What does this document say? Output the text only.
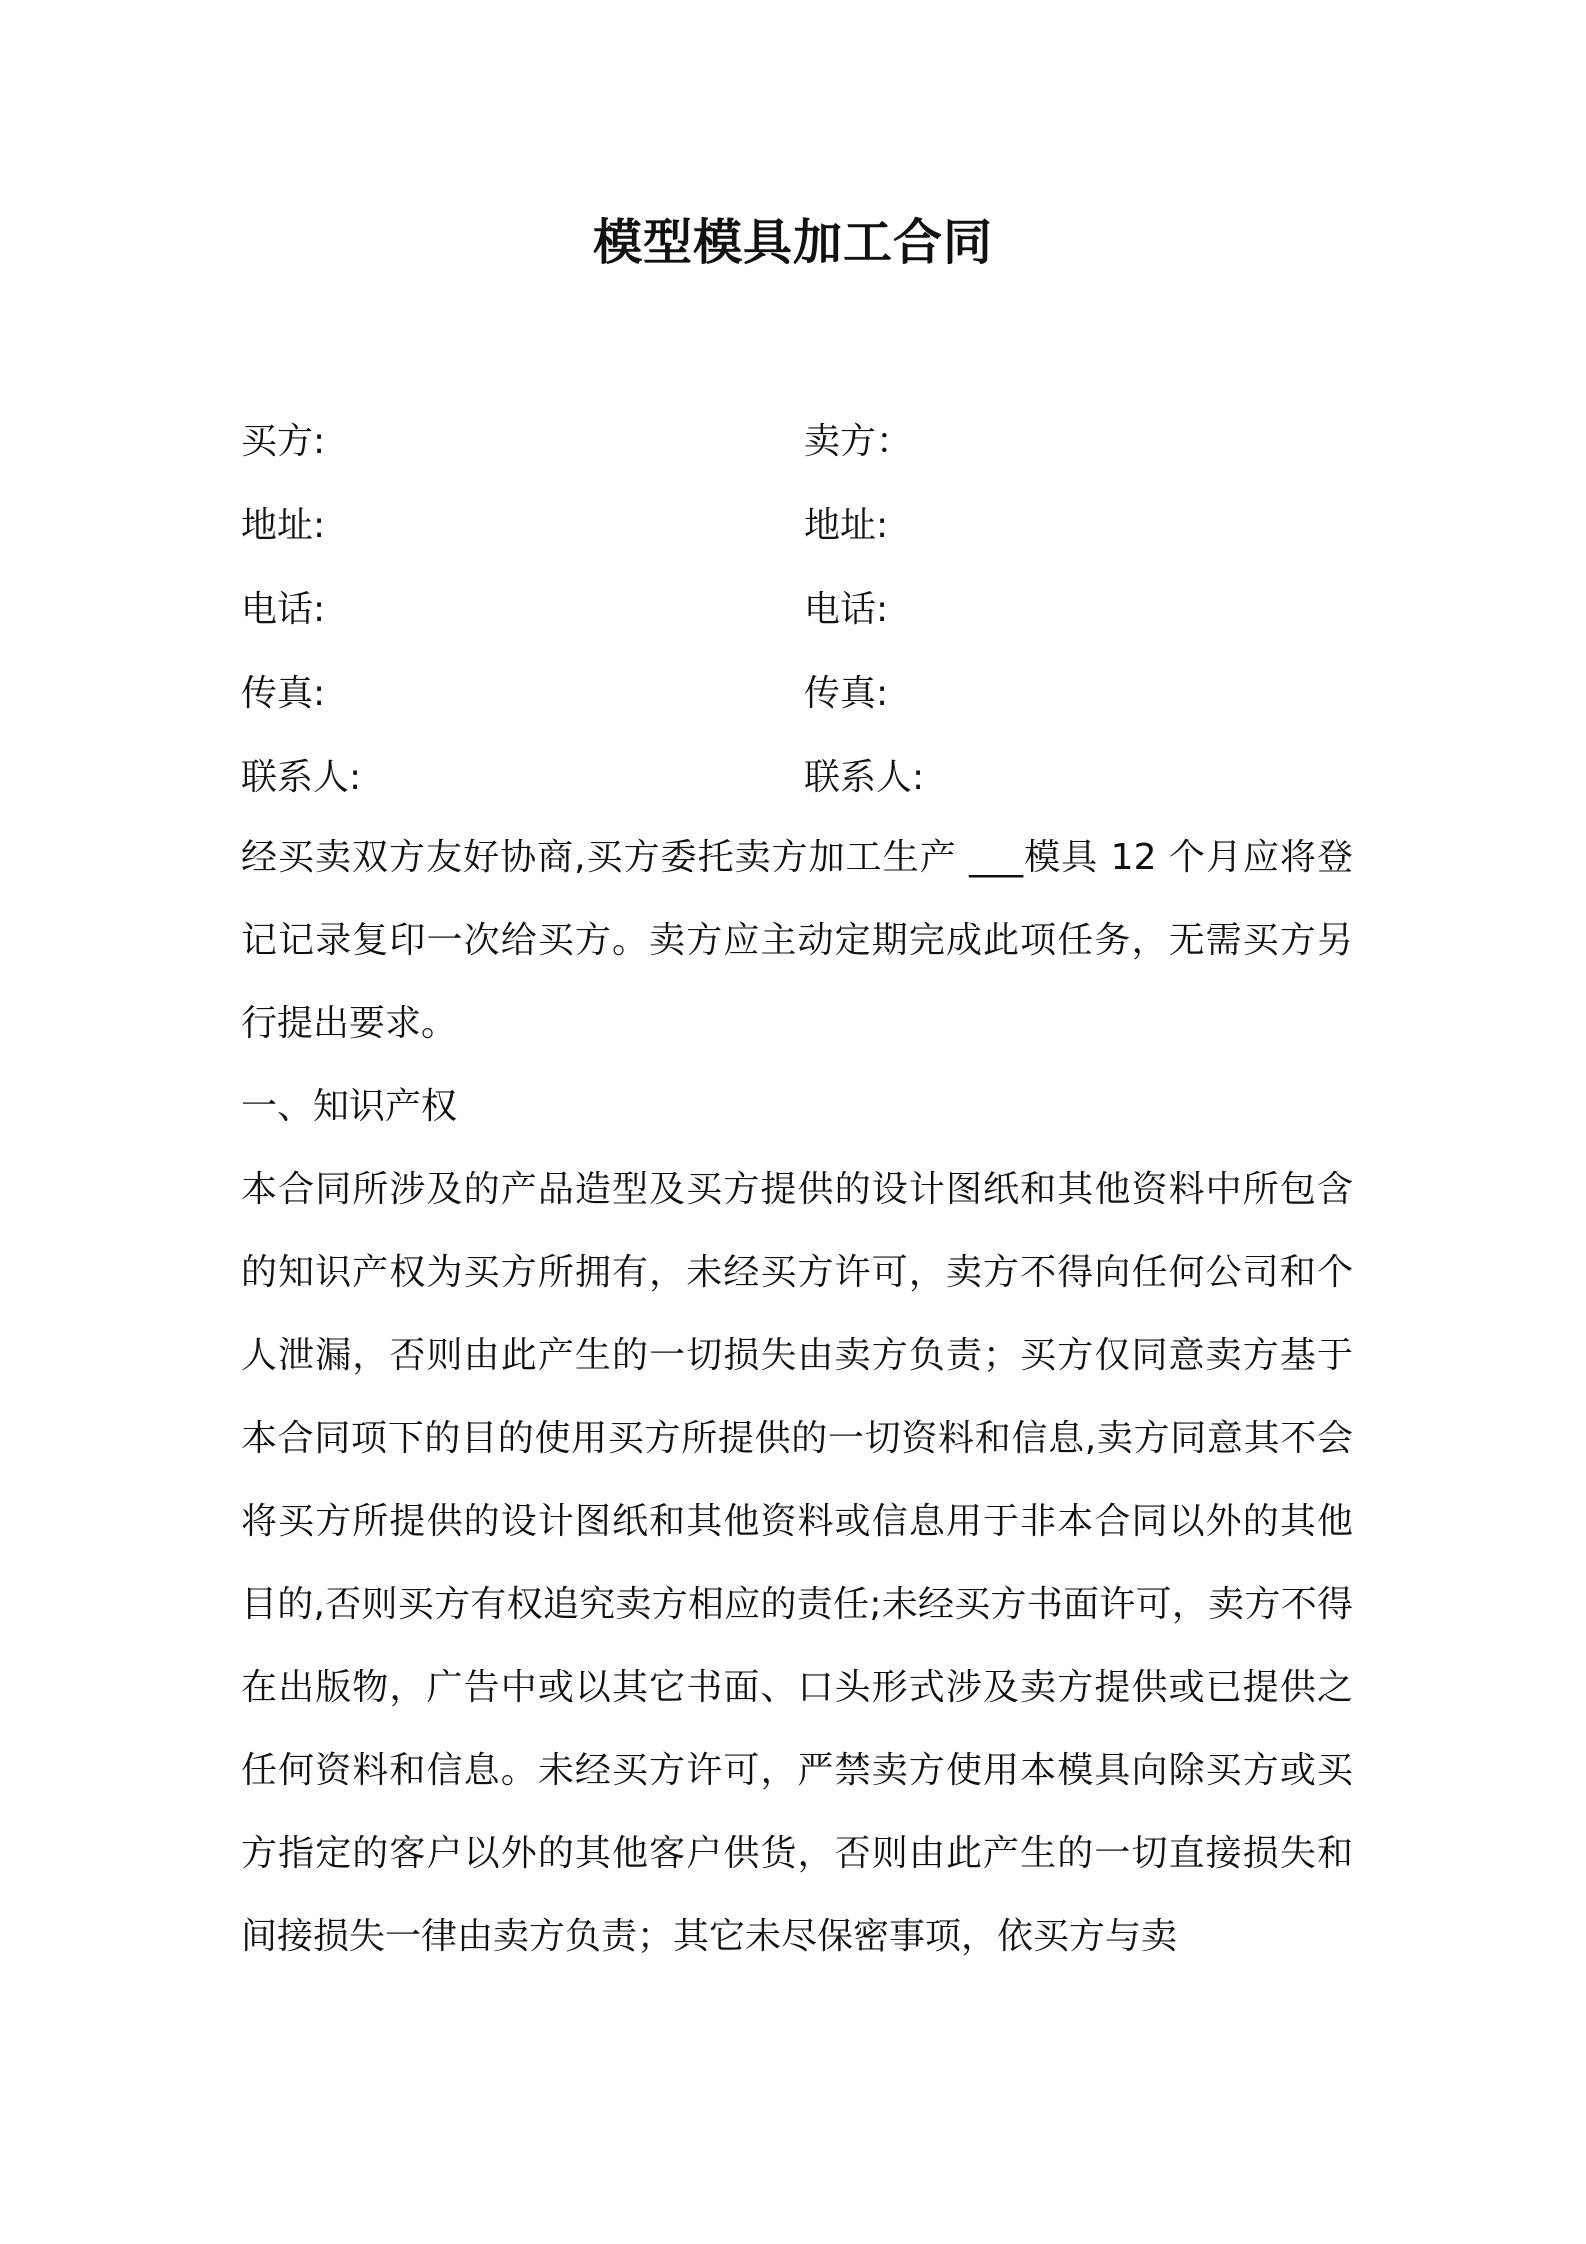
模型模具加工合同
买方:	卖方：
地址:	地址:
电话:	电话:
传真:	传真:
联系人:	联系人:

经买卖双方友好协商,买方委托卖方加工生产 ___模具 12 个月应将登记记录复印一次给买方。卖方应主动定期完成此项任务，无需买方另行提出要求。

一、知识产权

本合同所涉及的产品造型及买方提供的设计图纸和其他资料中所包含的知识产权为买方所拥有，未经买方许可，卖方不得向任何公司和个人泄漏，否则由此产生的一切损失由卖方负责；买方仅同意卖方基于本合同项下的目的使用买方所提供的一切资料和信息,卖方同意其不会将买方所提供的设计图纸和其他资料或信息用于非本合同以外的其他目的,否则买方有权追究卖方相应的责任;未经买方书面许可，卖方不得在出版物，广告中或以其它书面、口头形式涉及卖方提供或已提供之任何资料和信息。未经买方许可，严禁卖方使用本模具向除买方或买方指定的客户以外的其他客户供货，否则由此产生的一切直接损失和间接损失一律由卖方负责；其它未尽保密事项，依买方与卖
